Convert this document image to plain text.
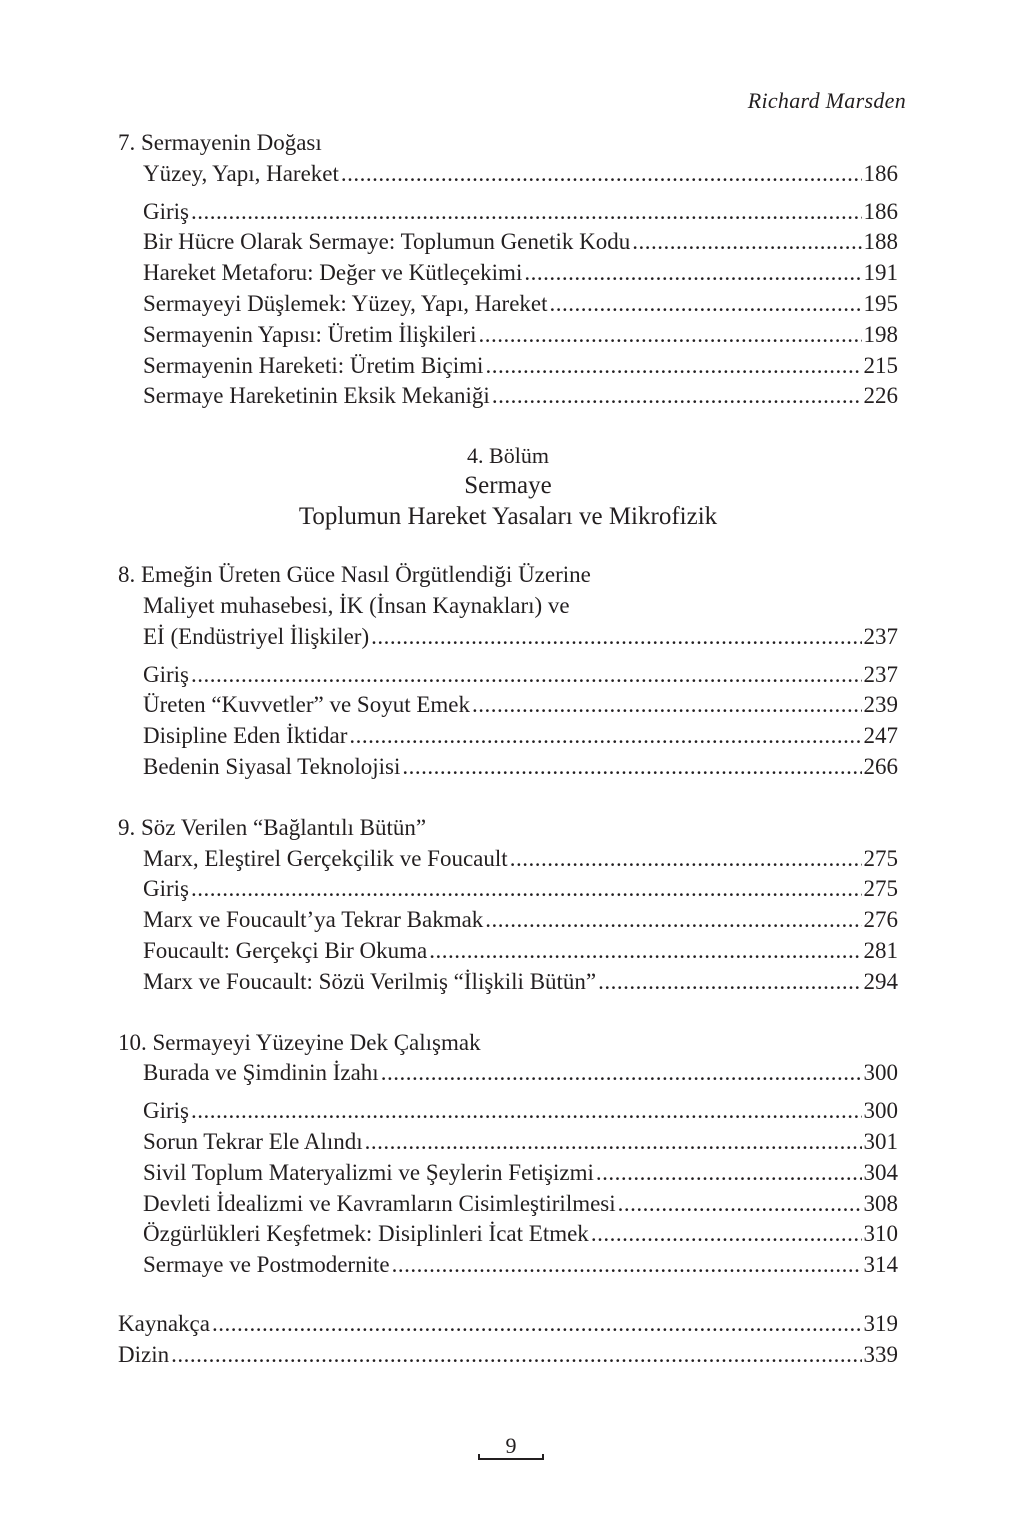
Richard Marsden
7. Sermayenin Doğası
Yüzey, Yapı, Hareket .....	186
Giriş .....	186
Bir Hücre Olarak Sermaye: Toplumun Genetik Kodu .....	188
Hareket Metaforu: Değer ve Kütleçekimi .....	191
Sermayeyi Düşlemek: Yüzey, Yapı, Hareket .....	195
Sermayenin Yapısı: Üretim İlişkileri .....	198
Sermayenin Hareketi: Üretim Biçimi .....	215
Sermaye Hareketinin Eksik Mekaniği .....	226
4. Bölüm
Sermaye
Toplumun Hareket Yasaları ve Mikrofizik
8. Emeğin Üreten Güce Nasıl Örgütlendiği Üzerine
Maliyet muhasebesi, İK (İnsan Kaynakları) ve
Eİ (Endüstriyel İlişkiler) .....	237
Giriş .....	237
Üreten “Kuvvetler” ve Soyut Emek .....	239
Disipline Eden İktidar .....	247
Bedenin Siyasal Teknolojisi .....	266
9. Söz Verilen “Bağlantılı Bütün”
Marx, Eleştirel Gerçekçilik ve Foucault .....	275
Giriş .....	275
Marx ve Foucault’ya Tekrar Bakmak .....	276
Foucault: Gerçekçi Bir Okuma .....	281
Marx ve Foucault: Sözü Verilmiş “İlişkili Bütün” .....	294
10. Sermayeyi Yüzeyine Dek Çalışmak
Burada ve Şimdinin İzahı .....	300
Giriş .....	300
Sorun Tekrar Ele Alındı .....	301
Sivil Toplum Materyalizmi ve Şeylerin Fetişizmi .....	304
Devleti İdealizmi ve Kavramların Cisimleştirilmesi .....	308
Özgürlükleri Keşfetmek: Disiplinleri İcat Etmek .....	310
Sermaye ve Postmodernite .....	314
Kaynakça .....	319
Dizin .....	339
9
